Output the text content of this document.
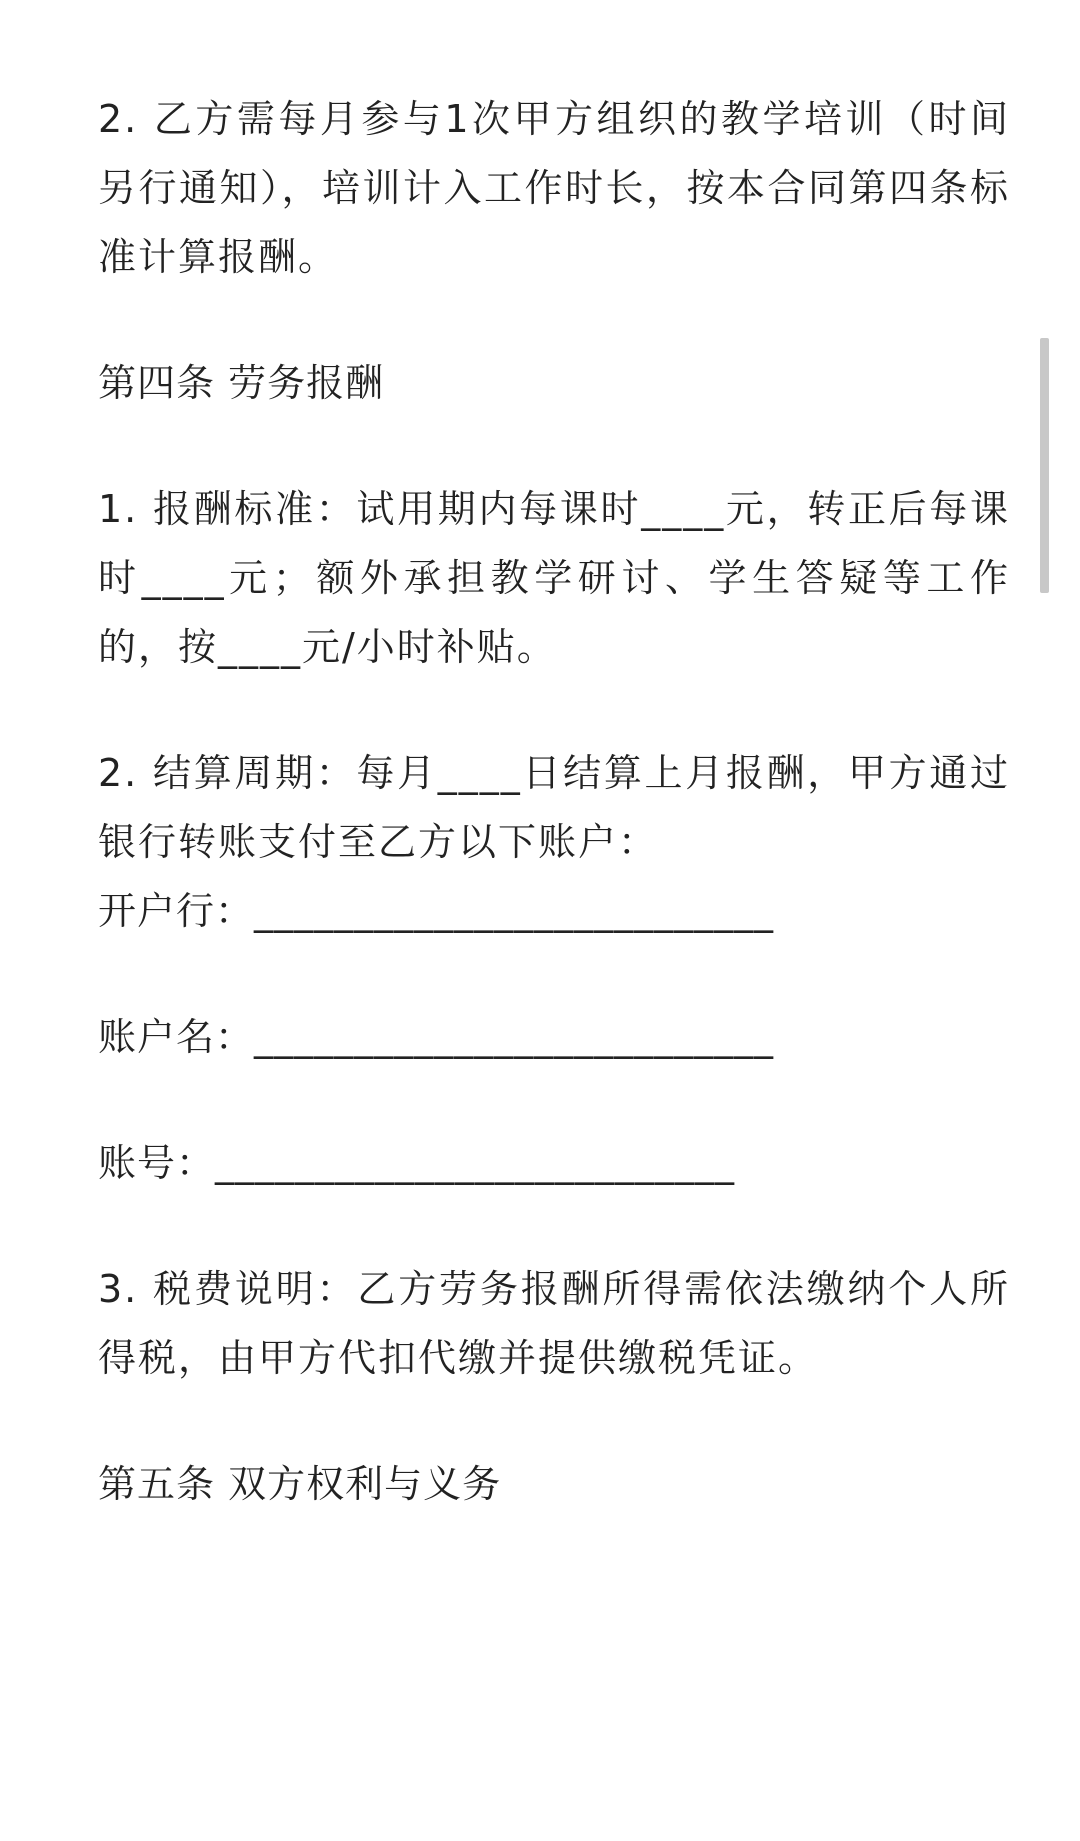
2. 乙方需每月参与1次甲方组织的教学培训（时间另行通知），培训计入工作时长，按本合同第四条标准计算报酬。

第四条 劳务报酬

1. 报酬标准：试用期内每课时____元，转正后每课时____元；额外承担教学研讨、学生答疑等工作的，按____元/小时补贴。

2. 结算周期：每月____日结算上月报酬，甲方通过银行转账支付至乙方以下账户：

开户行：__________________________

账户名：__________________________

账号：__________________________

3. 税费说明：乙方劳务报酬所得需依法缴纳个人所得税，由甲方代扣代缴并提供缴税凭证。

第五条 双方权利与义务
